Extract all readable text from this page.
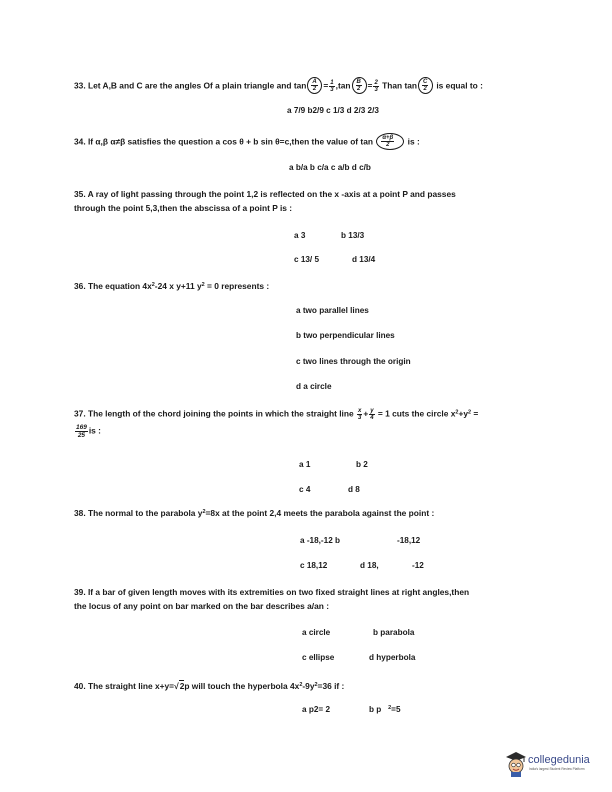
33. Let A,B and C are the angles Of a plain triangle and $\tan \frac{A}{2} = \frac{1}{3} ,\tan \frac{B}{2} = \frac{2}{3}$ Than $\tan \frac{C}{2}$ is equal to :
a 7/9 b2/9 c 1/3 d 2/3 2/3
34. If α,β α≠β satisfies the question a cos θ + b sin θ=c,then the value of $\tan \frac{\alpha+\beta}{2}$ is :
a b/a b c/a c a/b d c/b
35. A ray of light passing through the point 1,2 is reflected on the x -axis at a point P and passes
through the point 5,3,then the abscissa of a point P is :
a 3	b 13/3
c 13/ 5	d 13/4
36. The equation $4x^2-24$ x y+11 $y^2 = 0$ represents :
a two parallel lines
b two perpendicular lines
c two lines through the origin
d a circle
37. The length of the chord joining the points in which the straight line $\frac{x}{3} + \frac{y}{4} = 1$ cuts the circle $x^2+y^2$ =
$\frac{169}{25}$ is :
a 1	b 2
c 4	d 8
38. The normal to the parabola $y^2=8x$ at the point 2,4 meets the parabola against the point :
a -18,-12 b	-18,12
c 18,12	d 18,	-12
39. If a bar of given length moves with its extremities on two fixed straight lines at right angles,then
the locus of any point on bar marked on the bar describes a/an :
a circle	b parabola
c ellipse	d hyperbola
40. The straight line x+y=√2p will touch the hyperbola $4x^2-9y^2=36$ if :
a p2= 2	b p $^2$=5
collegedunia
India's largest Student Review Platform
